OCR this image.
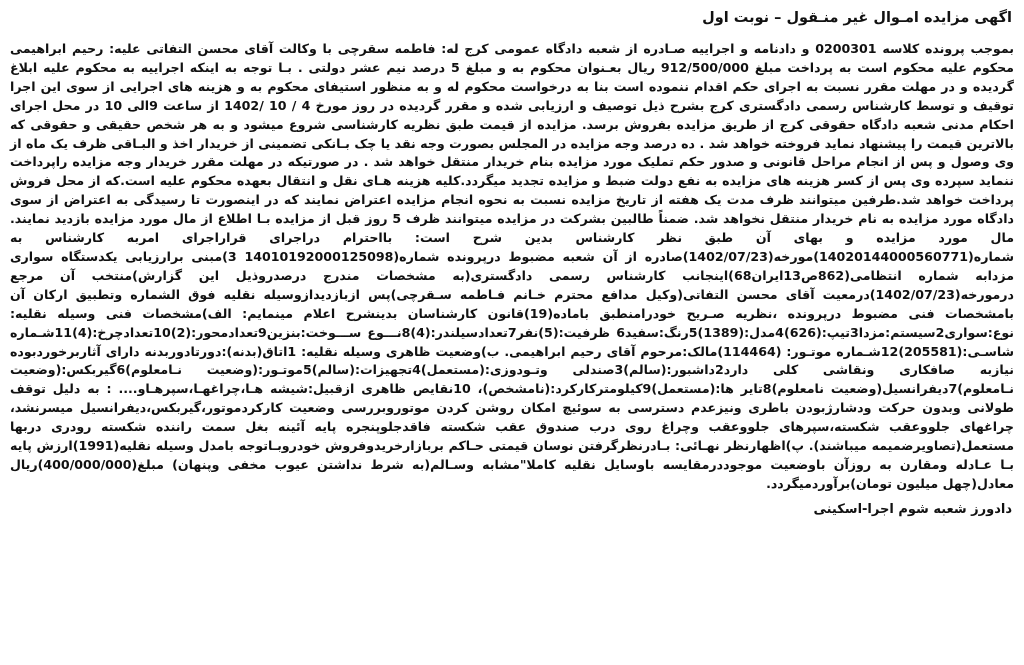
اگهی مزایده امـوال غیر منـقول – نوبت اول

بموجب پرونده کلاسه 0200301 و دادنامه و اجراییه صـادره از شعبه دادگاه عمومی کرج له: فاطمه سقرچی با وکالت آقای محسن التفاتی علیه: رحیم ابراهیمی محکوم علیه محکوم است به پرداخت مبلغ 912/500/000 ریال بعـنوان محکوم به و مبلغ 5 درصد نیم عشر دولتی . بـا توجه به اینکه اجراییه به محکوم علیه ابلاغ گردیده و در مهلت مقرر نسبت به اجرای حکم اقدام ننموده است بنا به درخواست محکوم له و به منظور استیفای محکوم به و هزینه های اجرایی از سوی این اجرا توقیف و توسط کارشناس رسمی دادگستری کرج بشرح ذیل توصیف و ارزیابی شده و مقرر گردیده در روز مورخ 4 / 10 /1402 از ساعت 9الی 10 در محل اجرای احکام مدنی شعبه دادگاه حقوقی کرج از طریق مزایده بفروش برسد. مزایده از قیمت طبق نظریه کارشناسی شروع میشود و به هر شخص حقیقی و حقوقی که بالاترین قیمت را پیشنهاد نماید فروخته خواهد شد . ده درصد وجه مزایده در المجلس بصورت وجه نقد یا چک بـانکی تضمینی از خریدار اخذ و البـاقی ظرف یک ماه از وی وصول و پس از انجام مراحل قانونی و صدور حکم تملیک مورد مزایده بنام خریدار منتقل خواهد شد . در صورتیکه در مهلت مقرر خریدار وجه مزایده راپرداخت ننماید سپرده وی پس از کسر هزینه های مزایده به نفع دولت ضبط و مزایده تجدید میگردد.کلیه هزینه هـای نقل و انتقال بعهده محکوم علیه است.که از محل فروش پرداخت خواهد شد.طرفین میتوانند ظرف مدت یک هفته از تاریخ مزایده نسبت به نحوه انجام مزایده اعتراض نمایند که در اینصورت تا رسیدگی به اعتراض از سوی دادگاه مورد مزایده به نام خریدار منتقل نخواهد شد. ضمناً طالبین بشرکت در مزایده میتوانند ظرف 5 روز قبل از مزایده بـا اطلاع از مال مورد مزایده بازدید نمایند. مال مورد مزایده و بهای آن طبق نظر کارشناس بدین شرح است: بااحترام دراجرای قراراجرای امربه کارشناس به شماره(14020144000560771)مورخه(1402/07/23)صادره از آن شعبه مضبوط درپرونده شماره(14010192000125098 3)مبنی برارزیابی یکدستگاه سواری مزدابه شماره انتظامی(862ص13ایران68)اینجانب کارشناس رسمی دادگستری(به مشخصات مندرج درصدروذیل این گزارش)منتخب آن مرجع درمورخه(1402/07/23)درمعیت آقای محسن التفاتی(وکیل مدافع محترم خـانم فـاطمه سـقرچی)پس ازبازدیدازوسیله نقلیه فوق الشماره وتطبیق ارکان آن بامشخصات فنی مضبوط درپرونده ،نظریه صـریح خودرامنطبق باماده(19)قانون کارشناسان بدینشرح اعلام مینمایم: الف)مشخصات فنی وسیله نقلیه: نوع:سواری2سیستم:مزدا3تیپ:(626)4مدل:(1389)5رنگ:سفید6 ظرفیت:(5)نفر7تعدادسیلندر:(4)8نـــوع ســـوخت:بنزین9تعدادمحور:(2)10تعدادچرخ:(4)11شـماره شاسـی:(205581)12شـماره موتـور: (114464)مالک:مرحوم آقای رحیم ابراهیمی. ب)وضعیت ظاهری وسیله نقلیه: 1اتاق(بدنه):دورتادوربدنه دارای آثاربرخوردبوده نیازبه صافکاری ونقاشی کلی دارد2داشبور:(سالم)3صندلی وتـودوزی:(مستعمل)4تجهیزات:(سالم)5موتـور:(وضعیت نـامعلوم)6گیربکس:(وضعیت نـامعلوم)7دیفرانسیل(وضعیت نامعلوم)8تایر ها:(مستعمل)9کیلومترکارکرد:(نامشخص)، 10نقایص ظاهری ازقبیل:شیشه هـا،چراغهـا،سپرهـاو.... : به دلیل توقف طولانی وبدون حرکت ودشارژبودن باطری ونیزعدم دسترسی به سوئیچ امکان روشن کردن موتوروبررسی وضعیت کارکردموتور،گیربکس،دیفرانسیل میسرنشد، چراغهای جلووعقب شکسته،سپرهای جلووعقب وچراغ روی درب صندوق عقب شکسته فاقدجلوپنجره پایه آئینه بغل سمت راننده شکسته رودری دربها مستعمل(تصاویرضمیمه میباشند). پ)اظهارنظر نهـائی: بـادرنظرگرفتن نوسان قیمتی حـاکم بربازارخریدوفروش خودروبـاتوجه بامدل وسیله نقلیه(1991)ارزش پایه بـا عـادله ومقارن به روزآن باوضعیت موجوددرمقایسه باوسایل نقلیه کاملا"مشابه وسـالم(به شرط نداشتن عیوب مخفی وپنهان) مبلغ(400/000/000)ریال معادل(چهل میلیون تومان)برآوردمیگردد.

دادورز شعبه شوم اجرا-اسکینی
